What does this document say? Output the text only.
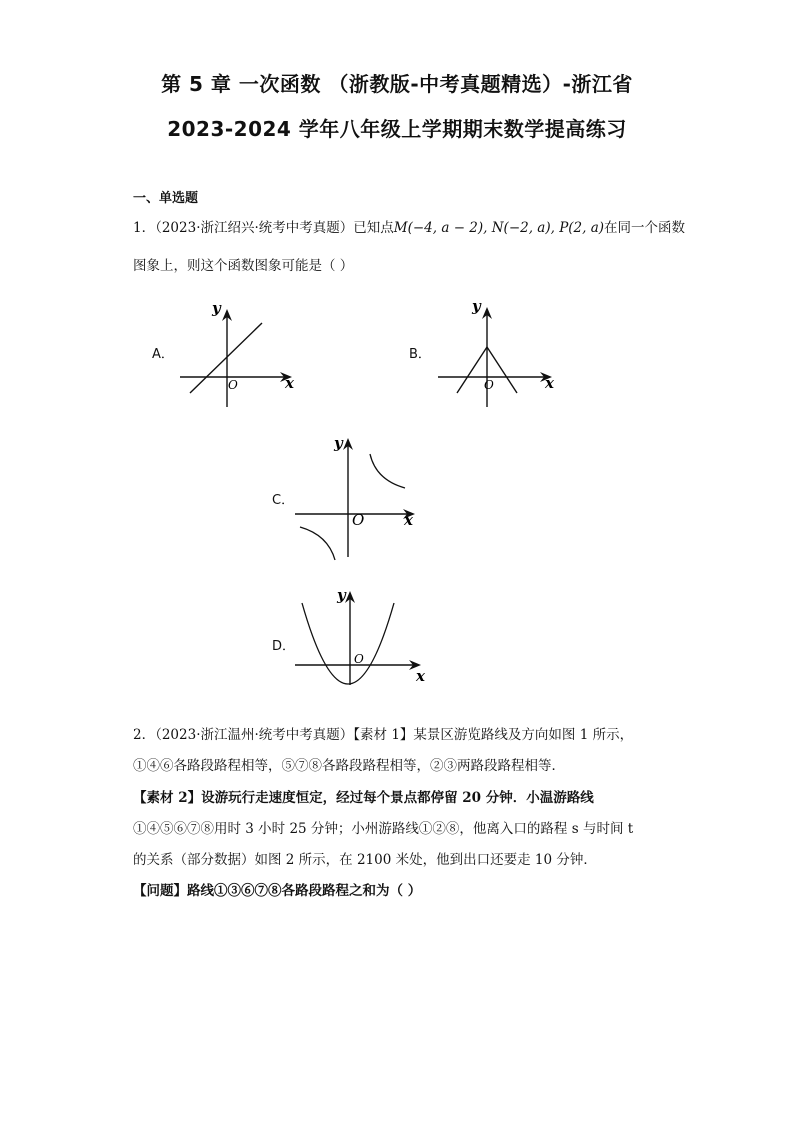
第 5 章 一次函数 （浙教版-中考真题精选）-浙江省
2023-2024 学年八年级上学期期末数学提高练习
一、单选题
1．（2023·浙江绍兴·统考中考真题）已知点M(−4, a − 2), N(−2, a), P(2, a)在同一个函数
图象上，则这个函数图象可能是（ ）
A．
y
x
O
B．
y
x
O
C．
y
x
O
D．
y
x
O
2．（2023·浙江温州·统考中考真题）【素材 1】某景区游览路线及方向如图 1 所示，
①④⑥各路段路程相等，⑤⑦⑧各路段路程相等，②③两路段路程相等．
【素材 2】设游玩行走速度恒定，经过每个景点都停留 20 分钟．小温游路线
①④⑤⑥⑦⑧用时 3 小时 25 分钟；小州游路线①②⑧，他离入口的路程 s 与时间 t
的关系（部分数据）如图 2 所示，在 2100 米处，他到出口还要走 10 分钟．
【问题】路线①③⑥⑦⑧各路段路程之和为（ ）
